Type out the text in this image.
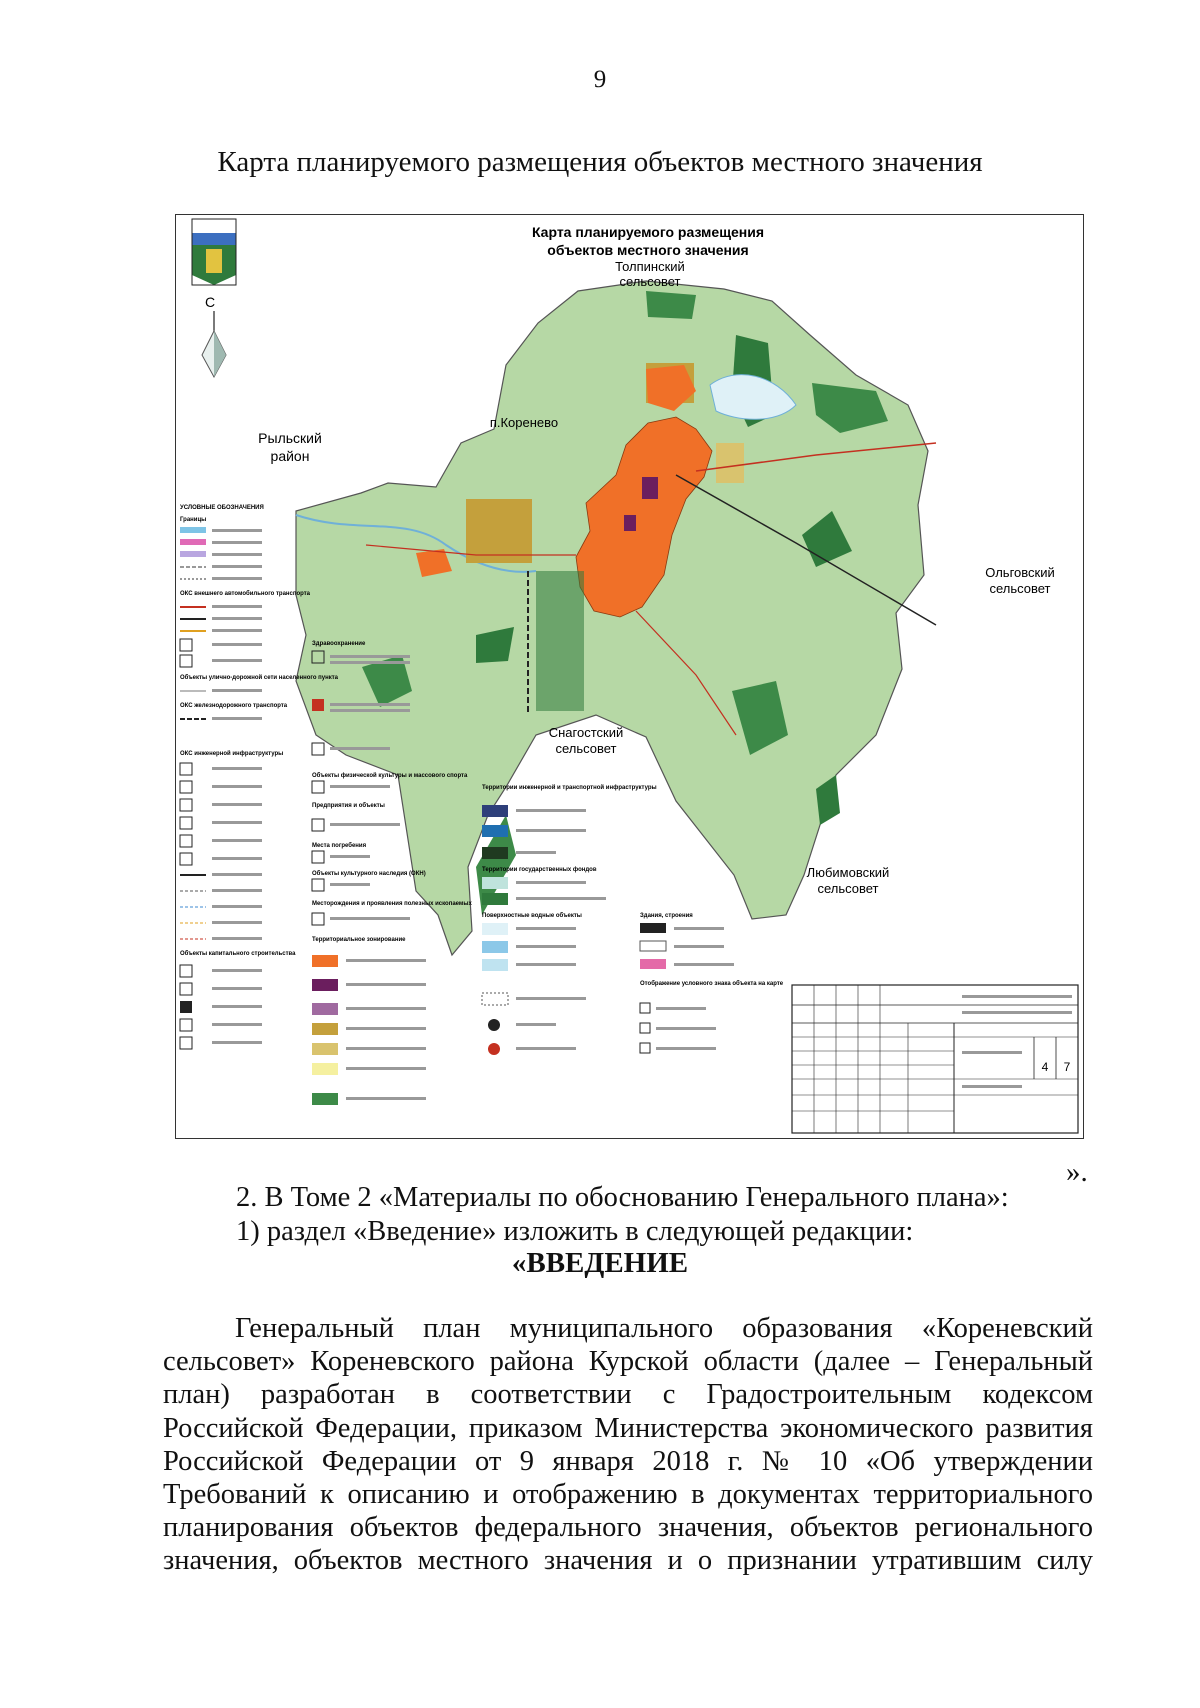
9
Карта планируемого размещения объектов местного значения
С
Карта планируемого размещения
объектов местного значения
Толпинский
сельсовет
п.Коренево
Рыльский
район
Ольговский
сельсовет
Снагостский
сельсовет
Любимовский
сельсовет
УСЛОВНЫЕ ОБОЗНАЧЕНИЯ
Границы
ОКС внешнего автомобильного транспорта
Объекты улично-дорожной сети населенного пункта
ОКС железнодорожного транспорта
ОКС инженерной инфраструктуры
Объекты капитального строительства
Здравоохранение
Объекты физической культуры и массового спорта
Предприятия и объекты
Места погребения
Объекты культурного наследия (ОКН)
Месторождения и проявления полезных ископаемых
Территориальное зонирование
Территории инженерной и транспортной инфраструктуры
Территории государственных фондов
Поверхностные водные объекты	Здания, строения
Отображение условного знака объекта на карте
4 7
».
2. В Томе 2 «Материалы по обоснованию Генерального плана»:
1) раздел «Введение» изложить в следующей редакции:
«ВВЕДЕНИЕ
Генеральный план муниципального образования «Кореневский
сельсовет» Кореневского района Курской области (далее – Генеральный
план) разработан в соответствии с Градостроительным кодексом
Российской Федерации, приказом Министерства экономического развития
Российской Федерации от 9 января 2018 г. № 10 «Об утверждении
Требований к описанию и отображению в документах территориального
планирования объектов федерального значения, объектов регионального
значения, объектов местного значения и о признании утратившим силу
